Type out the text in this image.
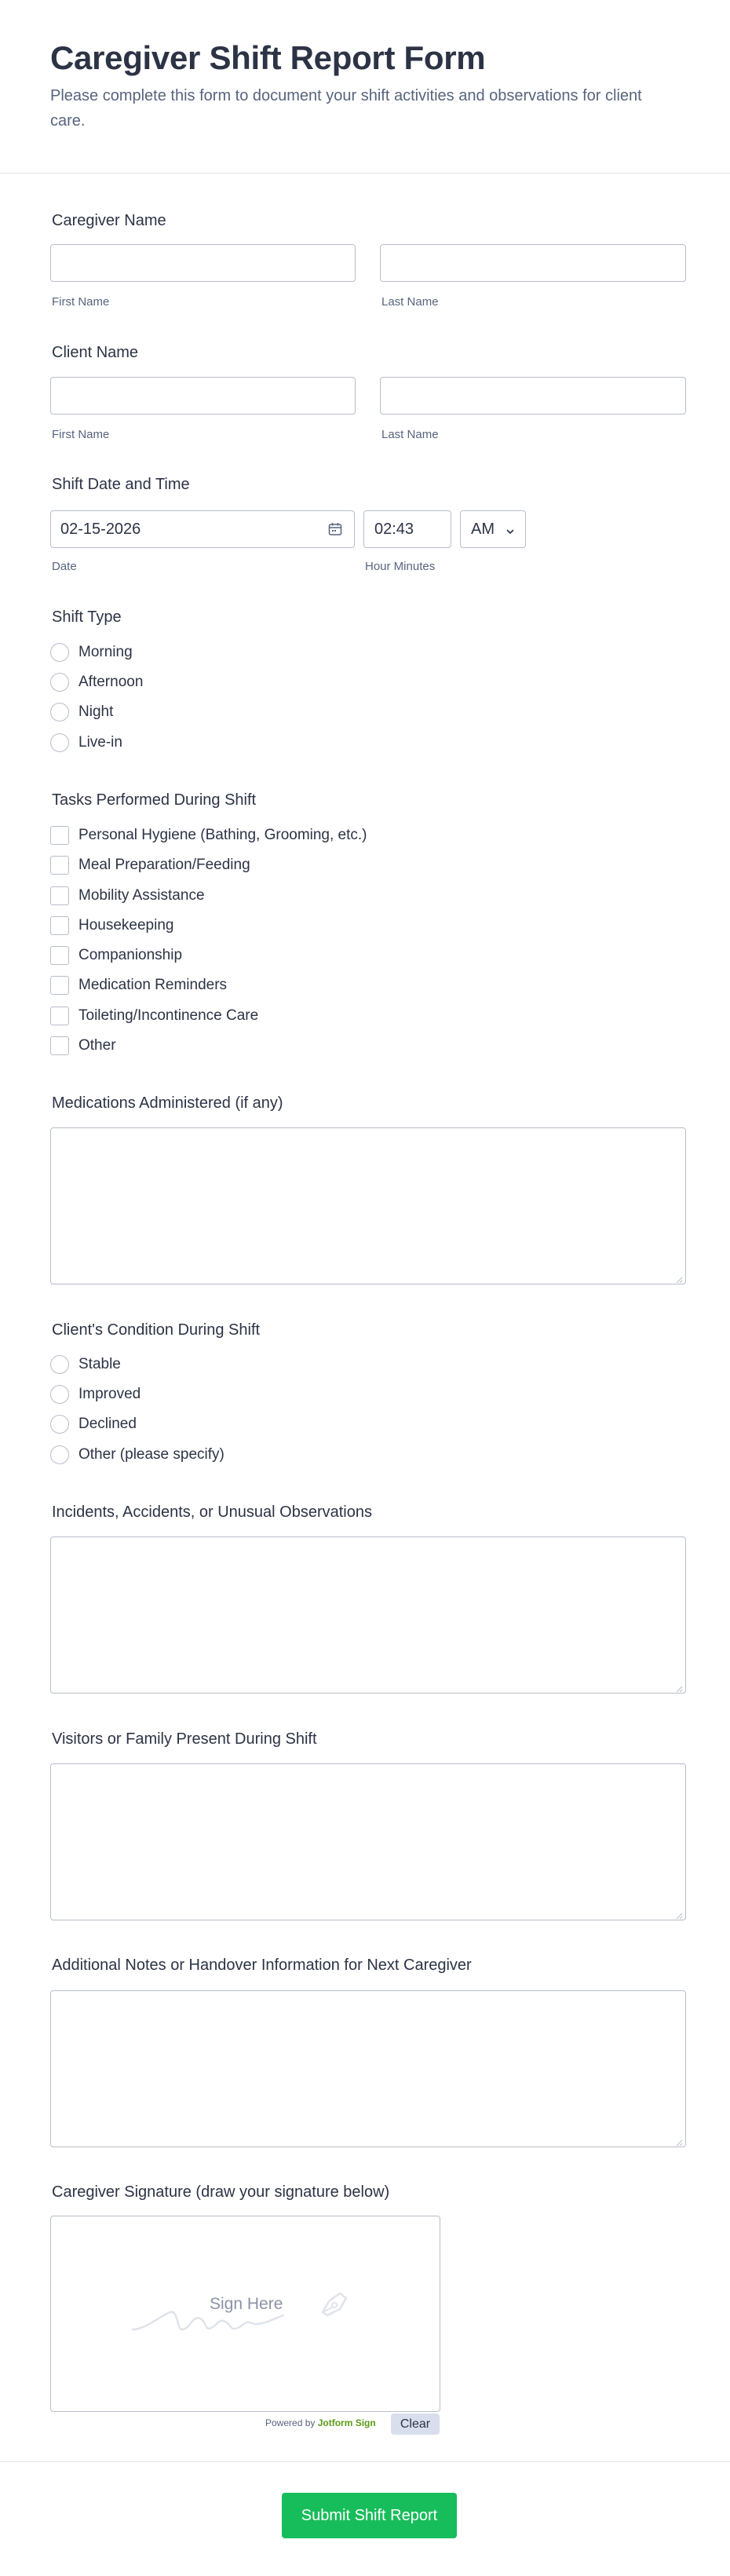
Caregiver Shift Report Form
Please complete this form to document your shift activities and observations for client care.
Caregiver Name
First Name	Last Name
Client Name
First Name	Last Name
Shift Date and Time
02-15-2026	02:43	AM
Date	Hour Minutes
Shift Type
Morning
Afternoon
Night
Live-in
Tasks Performed During Shift
Personal Hygiene (Bathing, Grooming, etc.)
Meal Preparation/Feeding
Mobility Assistance
Housekeeping
Companionship
Medication Reminders
Toileting/Incontinence Care
Other
Medications Administered (if any)
Client's Condition During Shift
Stable
Improved
Declined
Other (please specify)
Incidents, Accidents, or Unusual Observations
Visitors or Family Present During Shift
Additional Notes or Handover Information for Next Caregiver
Caregiver Signature (draw your signature below)
Sign Here
Powered by Jotform Sign	Clear
Submit Shift Report
